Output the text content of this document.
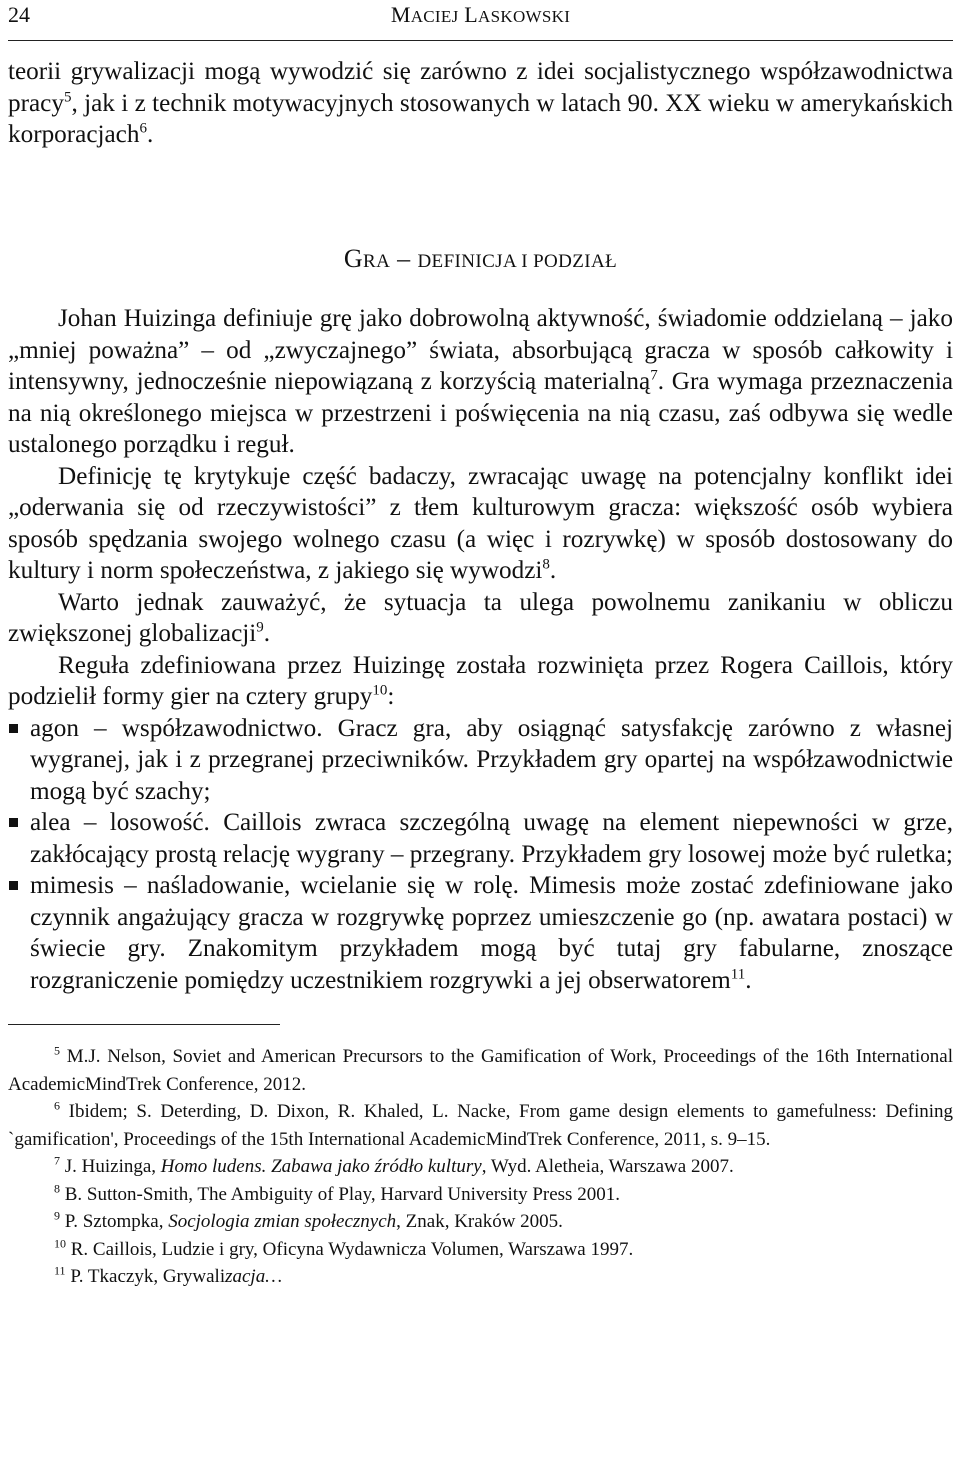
24	MACIEJ LASKOWSKI

teorii grywalizacji mogą wywodzić się zarówno z idei socjalistycznego współzawodnictwa pracy$^5$, jak i z technik motywacyjnych stosowanych w latach 90. XX wieku w amerykańskich korporacjach$^6$.

GRA – DEFINICJA I PODZIAŁ

Johan Huizinga definiuje grę jako dobrowolną aktywność, świadomie oddzielaną – jako „mniej poważna” – od „zwyczajnego” świata, absorbującą gracza w sposób całkowity i intensywny, jednocześnie niepowiązaną z korzyścią materialną$^7$. Gra wymaga przeznaczenia na nią określonego miejsca w przestrzeni i poświęcenia na nią czasu, zaś odbywa się wedle ustalonego porządku i reguł.

Definicję tę krytykuje część badaczy, zwracając uwagę na potencjalny konflikt idei „oderwania się od rzeczywistości” z tłem kulturowym gracza: większość osób wybiera sposób spędzania swojego wolnego czasu (a więc i rozrywkę) w sposób dostosowany do kultury i norm społeczeństwa, z jakiego się wywodzi$^8$.

Warto jednak zauważyć, że sytuacja ta ulega powolnemu zanikaniu w obliczu zwiększonej globalizacji$^9$.

Reguła zdefiniowana przez Huizingę została rozwinięta przez Rogera Caillois, który podzielił formy gier na cztery grupy$^{10}$:

agon – współzawodnictwo. Gracz gra, aby osiągnąć satysfakcję zarówno z własnej wygranej, jak i z przegranej przeciwników. Przykładem gry opartej na współzawodnictwie mogą być szachy;
alea – losowość. Caillois zwraca szczególną uwagę na element niepewności w grze, zakłócający prostą relację wygrany – przegrany. Przykładem gry losowej może być ruletka;
mimesis – naśladowanie, wcielanie się w rolę. Mimesis może zostać zdefiniowane jako czynnik angażujący gracza w rozgrywkę poprzez umieszczenie go (np. awatara postaci) w świecie gry. Znakomitym przykładem mogą być tutaj gry fabularne, znoszące rozgraniczenie pomiędzy uczestnikiem rozgrywki a jej obserwatorem$^{11}$.

$^5$ M.J. Nelson, Soviet and American Precursors to the Gamification of Work, Proceedings of the 16th International AcademicMindTrek Conference, 2012.

$^6$ Ibidem; S. Deterding, D. Dixon, R. Khaled, L. Nacke, From game design elements to gamefulness: Defining `gamification', Proceedings of the 15th International AcademicMindTrek Conference, 2011, s. 9–15.

$^7$ J. Huizinga, Homo ludens. Zabawa jako źródło kultury, Wyd. Aletheia, Warszawa 2007.

$^8$ B. Sutton-Smith, The Ambiguity of Play, Harvard University Press 2001.

$^9$ P. Sztompka, Socjologia zmian społecznych, Znak, Kraków 2005.

$^{10}$ R. Caillois, Ludzie i gry, Oficyna Wydawnicza Volumen, Warszawa 1997.

$^{11}$ P. Tkaczyk, Grywalizacja…
